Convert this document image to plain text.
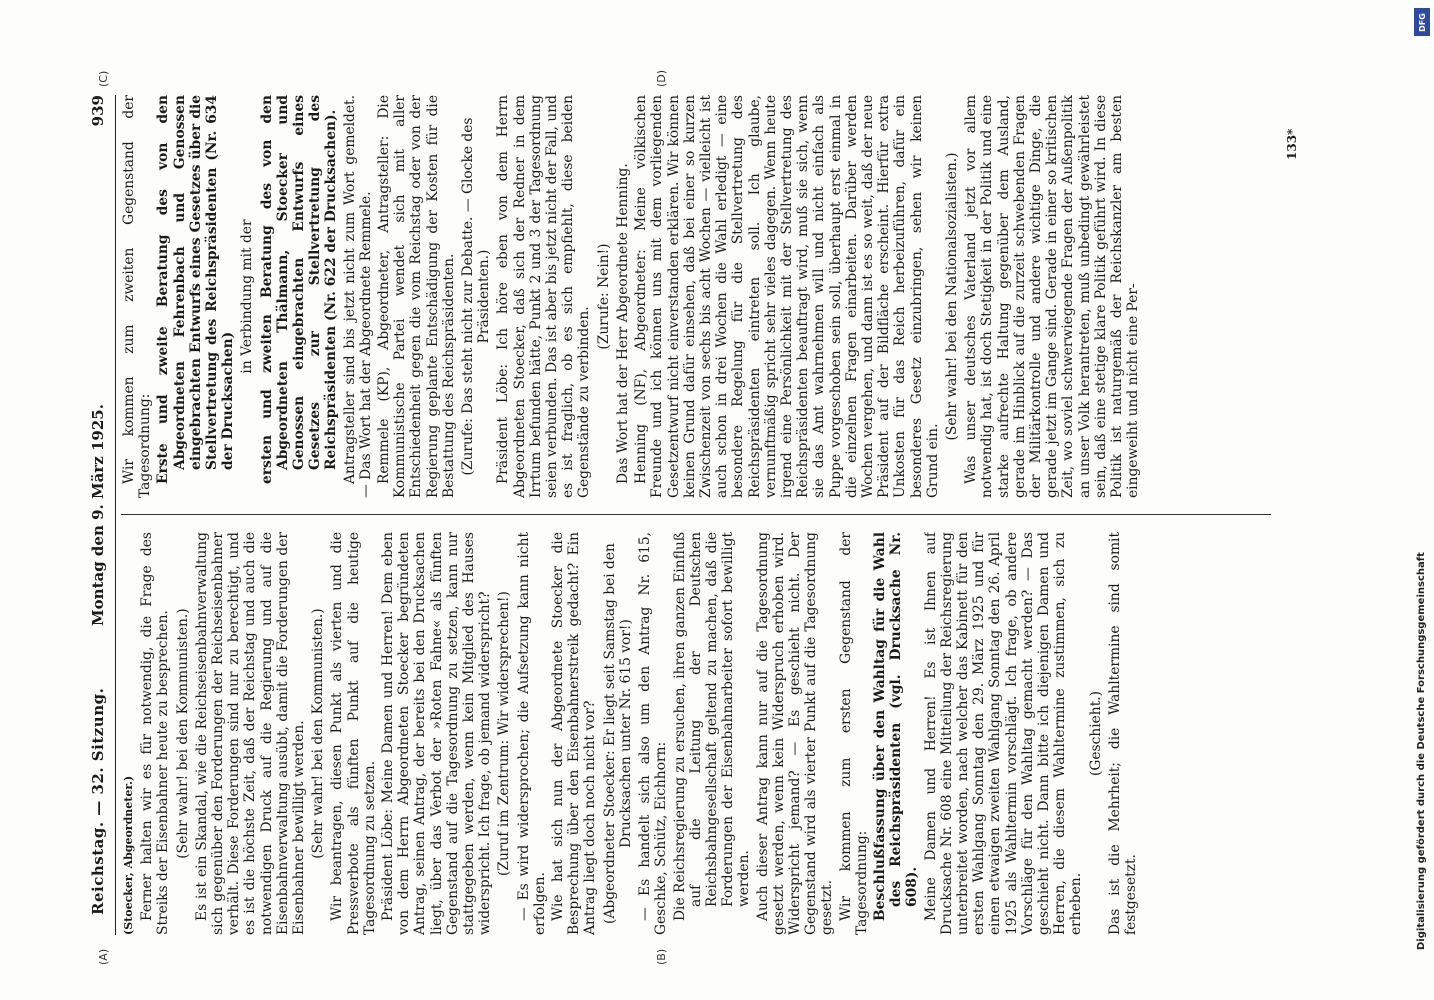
Reichstag. — 32. Sitzung.
Montag den 9. März 1925.
939
(A)	(B)
(C)	(D)

(Stoecker, Abgeordneter.) Ferner halten wir es für notwendig, die Frage des Streiks der Eisenbahner heute zu besprechen. (Sehr wahr! bei den Kommunisten.) Es ist ein Skandal, wie die Reichseisenbahnverwaltung sich gegenüber den Forderungen der Reichseisenbahner verhält. Diese Forderungen sind nur zu berechtigt, und es ist die höchste Zeit, daß der Reichstag und auch die notwendigen Druck auf die Regierung und auf die Eisenbahnverwaltung ausübt, damit die Forderungen der Eisenbahner bewilligt werden. (Sehr wahr! bei den Kommunisten.) Wir beantragen, diesen Punkt als vierten und die Pressverbote als fünften Punkt auf die heutige Tagesordnung zu setzen. Präsident Löbe: Meine Damen und Herren! Dem eben von dem Herrn Abgeordneten Stoecker begründeten Antrag, seinen Antrag, der bereits bei den Drucksachen liegt, über das Verbot der »Roten Fahne« als fünften Gegenstand auf die Tagesordnung zu setzen, kann nur stattgegeben werden, wenn kein Mitglied des Hauses widerspricht. Ich frage, ob jemand widerspricht? (Zuruf im Zentrum: Wir widersprechen!) — Es wird widersprochen; die Aufsetzung kann nicht erfolgen. Wie hat sich nun der Abgeordnete Stoecker die Besprechung über den Eisenbahnerstreik gedacht? Ein Antrag liegt doch noch nicht vor? (Abgeordneter Stoecker: Er liegt seit Samstag bei den Drucksachen unter Nr. 615 vor!) — Es handelt sich also um den Antrag Nr. 615, Geschke, Schütz, Eichhorn: Die Reichsregierung zu ersuchen, ihren ganzen Einfluß auf die Leitung der Deutschen Reichsbahngesellschaft geltend zu machen, daß die Forderungen der Eisenbahnarbeiter sofort bewilligt werden. Auch dieser Antrag kann nur auf die Tagesordnung gesetzt werden, wenn kein Widerspruch erhoben wird. Widerspricht jemand? — Es geschieht nicht. Der Gegenstand wird als vierter Punkt auf die Tagesordnung gesetzt. Wir kommen zum ersten Gegenstand der Tagesordnung: Beschlußfassung über den Wahltag für die Wahl des Reichspräsidenten (vgl. Drucksache Nr. 608). Meine Damen und Herren! Es ist Ihnen auf Drucksache Nr. 608 eine Mitteilung der Reichsregierung unterbreitet worden, nach welcher das Kabinett für den ersten Wahlgang Sonntag den 29. März 1925 und für einen etwaigen zweiten Wahlgang Sonntag den 26. April 1925 als Wahltermin vorschlägt. Ich frage, ob andere Vorschläge für den Wahltag gemacht werden? — Das geschieht nicht. Dann bitte ich diejenigen Damen und Herren, die diesem Wahltermine zustimmen, sich zu erheben.

(Geschieht.) Das ist die Mehrheit; die Wahltermine sind somit festgesetzt.

Wir kommen zum zweiten Gegenstand der Tagesordnung: Erste und zweite Beratung des von den Abgeordneten Fehrenbach und Genossen eingebrachten Entwurfs eines Gesetzes über die Stellvertretung des Reichspräsidenten (Nr. 634 der Drucksachen)

in Verbindung mit der ersten und zweiten Beratung des von den Abgeordneten Thälmann, Stoecker und Genossen eingebrachten Entwurfs eines Gesetzes zur Stellvertretung des Reichspräsidenten (Nr. 622 der Drucksachen). Antragsteller sind bis jetzt nicht zum Wort gemeldet. — Das Wort hat der Abgeordnete Remmele. Remmele (KP), Abgeordneter, Antragsteller: Die Kommunistische Partei wendet sich mit aller Entschiedenheit gegen die vom Reichstag oder von der Regierung geplante Entschädigung der Kosten für die Bestattung des Reichspräsidenten. (Zurufe: Das steht nicht zur Debatte. — Glocke des Präsidenten.) Präsident Löbe: Ich höre eben von dem Herrn Abgeordneten Stoecker, daß sich der Redner in dem Irrtum befunden hätte, Punkt 2 und 3 der Tagesordnung seien verbunden. Das ist aber bis jetzt nicht der Fall, und es ist fraglich, ob es sich empfiehlt, diese beiden Gegenstände zu verbinden.

(Zurufe: Nein!) Das Wort hat der Herr Abgeordnete Henning. Henning (NF), Abgeordneter: Meine völkischen Freunde und ich können uns mit dem vorliegenden Gesetzentwurf nicht einverstanden erklären. Wir können keinen Grund dafür einsehen, daß bei einer so kurzen Zwischenzeit von sechs bis acht Wochen — vielleicht ist auch schon in drei Wochen die Wahl erledigt — eine besondere Regelung für die Stellvertretung des Reichspräsidenten eintreten soll. Ich glaube, vernunftmäßig spricht sehr vieles dagegen. Wenn heute irgend eine Persönlichkeit mit der Stellvertretung des Reichspräsidenten beauftragt wird, muß sie sich, wenn sie das Amt wahrnehmen will und nicht einfach als Puppe vorgeschoben sein soll, überhaupt erst einmal in die einzelnen Fragen einarbeiten. Darüber werden Wochen vergehen, und dann ist es so weit, daß der neue Präsident auf der Bildfläche erscheint. Hierfür extra Unkosten für das Reich herbeizuführen, dafür ein besonderes Gesetz einzubringen, sehen wir keinen Grund ein.

(Sehr wahr! bei den Nationalsozialisten.) Was unser deutsches Vaterland jetzt vor allem notwendig hat, ist doch Stetigkeit in der Politik und eine starke aufrechte Haltung gegenüber dem Ausland, gerade im Hinblick auf die zurzeit schwebenden Fragen der Militärkontrolle und andere wichtige Dinge, die gerade jetzt im Gange sind. Gerade in einer so kritischen Zeit, wo soviel schwerwiegende Fragen der Außenpolitik an unser Volk herantreten, muß unbedingt gewährleistet sein, daß eine stetige klare Politik geführt wird. In diese Politik ist naturgemäß der Reichskanzler am besten eingeweiht und nicht eine Per-

133*
DFG
Digitalisierung gefördert durch die Deutsche Forschungsgemeinschaft
